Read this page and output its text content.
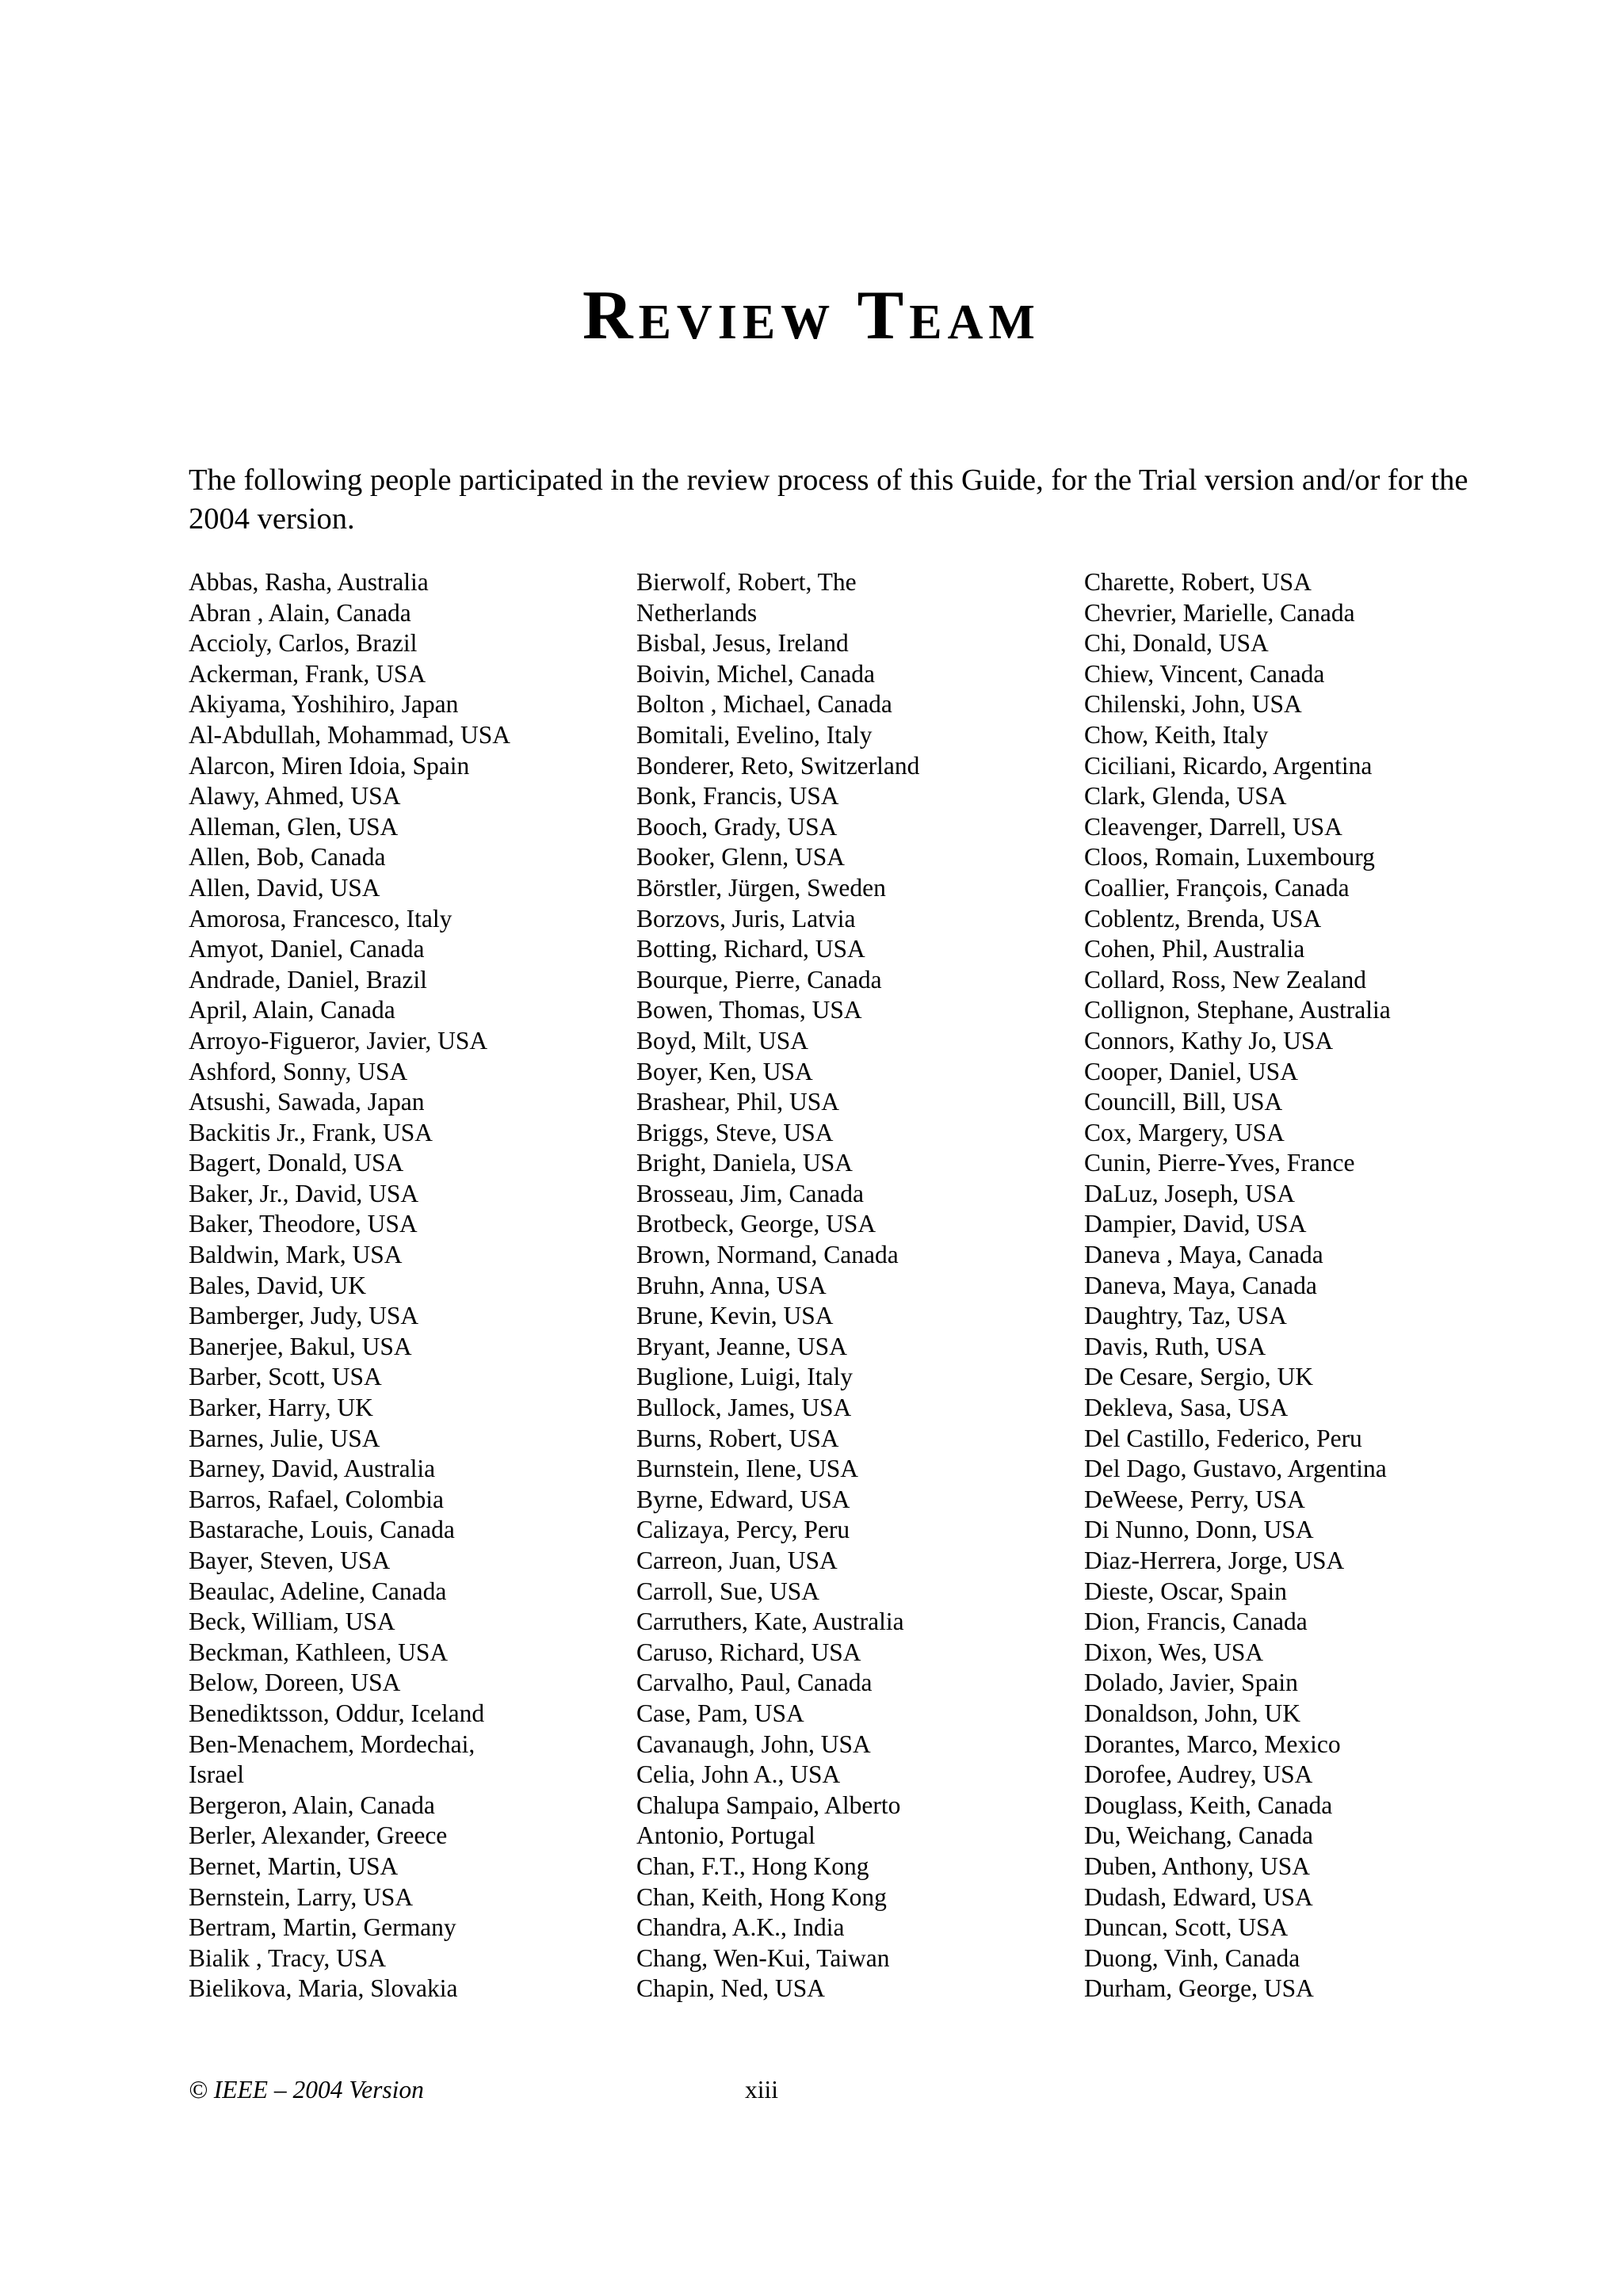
Review Team

The following people participated in the review process of this Guide, for the Trial version and/or for the 2004 version.

Abbas, Rasha, Australia
Abran , Alain, Canada
Accioly, Carlos, Brazil
Ackerman, Frank, USA
Akiyama, Yoshihiro, Japan
Al-Abdullah, Mohammad, USA
Alarcon, Miren Idoia, Spain
Alawy, Ahmed, USA
Alleman, Glen, USA
Allen, Bob, Canada
Allen, David, USA
Amorosa, Francesco, Italy
Amyot, Daniel, Canada
Andrade, Daniel, Brazil
April, Alain, Canada
Arroyo-Figueror, Javier, USA
Ashford, Sonny, USA
Atsushi, Sawada, Japan
Backitis Jr., Frank, USA
Bagert, Donald, USA
Baker, Jr., David, USA
Baker, Theodore, USA
Baldwin, Mark, USA
Bales, David, UK
Bamberger, Judy, USA
Banerjee, Bakul, USA
Barber, Scott, USA
Barker, Harry, UK
Barnes, Julie, USA
Barney, David, Australia
Barros, Rafael, Colombia
Bastarache, Louis, Canada
Bayer, Steven, USA
Beaulac, Adeline, Canada
Beck, William, USA
Beckman, Kathleen, USA
Below, Doreen, USA
Benediktsson, Oddur, Iceland
Ben-Menachem, Mordechai,
Israel
Bergeron, Alain, Canada
Berler, Alexander, Greece
Bernet, Martin, USA
Bernstein, Larry, USA
Bertram, Martin, Germany
Bialik , Tracy, USA
Bielikova, Maria, Slovakia
Bierwolf, Robert, The
Netherlands
Bisbal, Jesus, Ireland
Boivin, Michel, Canada
Bolton , Michael, Canada
Bomitali, Evelino, Italy
Bonderer, Reto, Switzerland
Bonk, Francis, USA
Booch, Grady, USA
Booker, Glenn, USA
Börstler, Jürgen, Sweden
Borzovs, Juris, Latvia
Botting, Richard, USA
Bourque, Pierre, Canada
Bowen, Thomas, USA
Boyd, Milt, USA
Boyer, Ken, USA
Brashear, Phil, USA
Briggs, Steve, USA
Bright, Daniela, USA
Brosseau, Jim, Canada
Brotbeck, George, USA
Brown, Normand, Canada
Bruhn, Anna, USA
Brune, Kevin, USA
Bryant, Jeanne, USA
Buglione, Luigi, Italy
Bullock, James, USA
Burns, Robert, USA
Burnstein, Ilene, USA
Byrne, Edward, USA
Calizaya, Percy, Peru
Carreon, Juan, USA
Carroll, Sue, USA
Carruthers, Kate, Australia
Caruso, Richard, USA
Carvalho, Paul, Canada
Case, Pam, USA
Cavanaugh, John, USA
Celia, John A., USA
Chalupa Sampaio, Alberto
Antonio, Portugal
Chan, F.T., Hong Kong
Chan, Keith, Hong Kong
Chandra, A.K., India
Chang, Wen-Kui, Taiwan
Chapin, Ned, USA
Charette, Robert, USA
Chevrier, Marielle, Canada
Chi, Donald, USA
Chiew, Vincent, Canada
Chilenski, John, USA
Chow, Keith, Italy
Ciciliani, Ricardo, Argentina
Clark, Glenda, USA
Cleavenger, Darrell, USA
Cloos, Romain, Luxembourg
Coallier, François, Canada
Coblentz, Brenda, USA
Cohen, Phil, Australia
Collard, Ross, New Zealand
Collignon, Stephane, Australia
Connors, Kathy Jo, USA
Cooper, Daniel, USA
Councill, Bill, USA
Cox, Margery, USA
Cunin, Pierre-Yves, France
DaLuz, Joseph, USA
Dampier, David, USA
Daneva , Maya, Canada
Daneva, Maya, Canada
Daughtry, Taz, USA
Davis, Ruth, USA
De Cesare, Sergio, UK
Dekleva, Sasa, USA
Del Castillo, Federico, Peru
Del Dago, Gustavo, Argentina
DeWeese, Perry, USA
Di Nunno, Donn, USA
Diaz-Herrera, Jorge, USA
Dieste, Oscar, Spain
Dion, Francis, Canada
Dixon, Wes, USA
Dolado, Javier, Spain
Donaldson, John, UK
Dorantes, Marco, Mexico
Dorofee, Audrey, USA
Douglass, Keith, Canada
Du, Weichang, Canada
Duben, Anthony, USA
Dudash, Edward, USA
Duncan, Scott, USA
Duong, Vinh, Canada
Durham, George, USA
© IEEE – 2004 Version	xiii
